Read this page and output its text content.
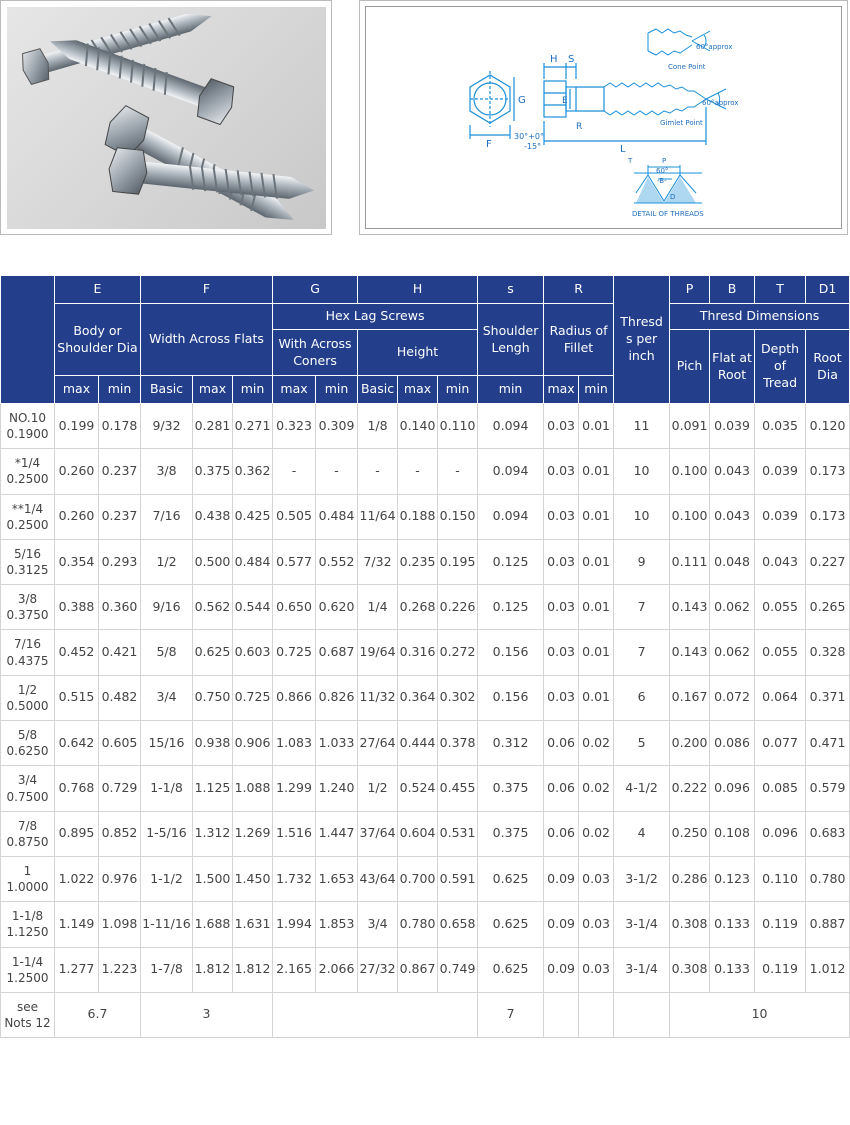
H S
G	E
R
F	L
30°+0°
-15°
60°approx
Cone Point
60°approx
Gimlet Point
60°
T	P
-B-
D
DETAIL OF THREADS
	E		F			G		H			s	R		Thresd s per inch	P	B	T	D1
	Body or Shoulder Dia		Width Across Flats			Hex Lag Screws					Shoulder Lengh	Radius of Fillet			Thresd Dimensions			
						With Across Coners		Height							Pich	Flat at Root	Depth of Tread	Root Dia
	max	min	Basic	max	min	max	min	Basic	max	min	min	max	min					
NO.10
0.1900	0.199	0.178	9/32	0.281	0.271	0.323	0.309	1/8	0.140	0.110	0.094	0.03	0.01	11	0.091	0.039	0.035	0.120
*1/4
0.2500	0.260	0.237	3/8	0.375	0.362	-	-	-	-	-	0.094	0.03	0.01	10	0.100	0.043	0.039	0.173
**1/4
0.2500	0.260	0.237	7/16	0.438	0.425	0.505	0.484	11/64	0.188	0.150	0.094	0.03	0.01	10	0.100	0.043	0.039	0.173
5/16
0.3125	0.354	0.293	1/2	0.500	0.484	0.577	0.552	7/32	0.235	0.195	0.125	0.03	0.01	9	0.111	0.048	0.043	0.227
3/8
0.3750	0.388	0.360	9/16	0.562	0.544	0.650	0.620	1/4	0.268	0.226	0.125	0.03	0.01	7	0.143	0.062	0.055	0.265
7/16
0.4375	0.452	0.421	5/8	0.625	0.603	0.725	0.687	19/64	0.316	0.272	0.156	0.03	0.01	7	0.143	0.062	0.055	0.328
1/2
0.5000	0.515	0.482	3/4	0.750	0.725	0.866	0.826	11/32	0.364	0.302	0.156	0.03	0.01	6	0.167	0.072	0.064	0.371
5/8
0.6250	0.642	0.605	15/16	0.938	0.906	1.083	1.033	27/64	0.444	0.378	0.312	0.06	0.02	5	0.200	0.086	0.077	0.471
3/4
0.7500	0.768	0.729	1-1/8	1.125	1.088	1.299	1.240	1/2	0.524	0.455	0.375	0.06	0.02	4-1/2	0.222	0.096	0.085	0.579
7/8
0.8750	0.895	0.852	1-5/16	1.312	1.269	1.516	1.447	37/64	0.604	0.531	0.375	0.06	0.02	4	0.250	0.108	0.096	0.683
1
1.0000	1.022	0.976	1-1/2	1.500	1.450	1.732	1.653	43/64	0.700	0.591	0.625	0.09	0.03	3-1/2	0.286	0.123	0.110	0.780
1-1/8
1.1250	1.149	1.098	1-11/16	1.688	1.631	1.994	1.853	3/4	0.780	0.658	0.625	0.09	0.03	3-1/4	0.308	0.133	0.119	0.887
1-1/4
1.2500	1.277	1.223	1-7/8	1.812	1.812	2.165	2.066	27/32	0.867	0.749	0.625	0.09	0.03	3-1/4	0.308	0.133	0.119	1.012
see
Nots 12	6.7		3								7				10			
